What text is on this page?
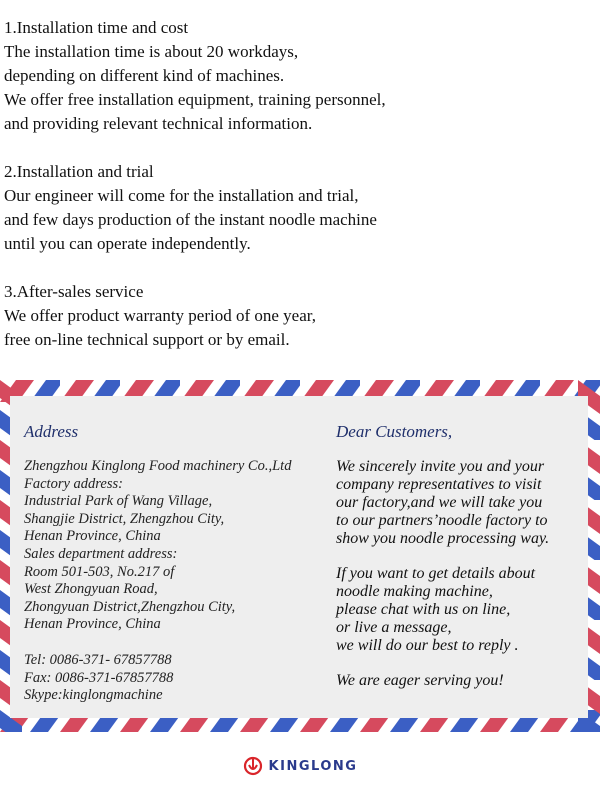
1.Installation time and cost

The installation time is about 20 workdays,

depending on different kind of machines.

We offer free installation equipment, training personnel,

and providing relevant technical information.

2.Installation and trial

Our engineer will come for the installation and trial,

and few days production of the instant noodle machine

until you can operate independently.

3.After-sales service

We offer product warranty period of one year,

free on-line technical support or by email.

Address	Dear Customers,

Zhengzhou Kinglong Food machinery Co.,Ltd

Factory address:

Industrial Park of Wang Village,

Shangjie District, Zhengzhou City,

Henan Province, China

Sales department address:

Room 501-503, No.217 of

West Zhongyuan Road,

Zhongyuan District,Zhengzhou City,

Henan Province, China

Tel: 0086-371- 67857788

Fax: 0086-371-67857788

Skype:kinglongmachine

We sincerely invite you and your

company representatives to visit

our factory,and we will take you

to our partners’noodle factory to

show you noodle processing way.

If you want to get details about

noodle making machine,

please chat with us on line,

or live a message,

we will do our best to reply .

We are eager serving you!

KINGLONG
